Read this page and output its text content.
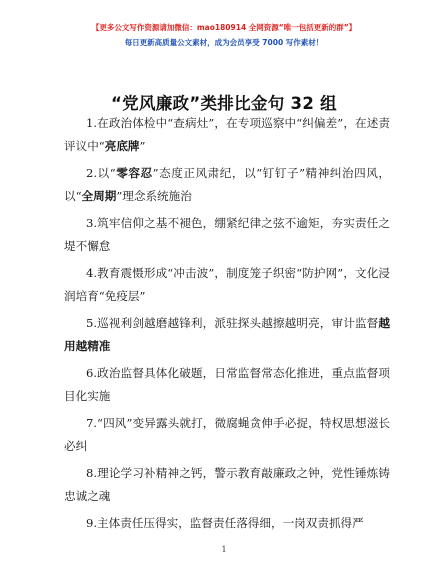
【更多公文写作资源请加微信：mao180914 全网资源“唯一包括更新的群”】
每日更新高质量公文素材，成为会员享受 7000 写作素材！
“党风廉政”类排比金句 32 组
1.在政治体检中“查病灶”，在专项巡察中“纠偏差”，在述责评议中“亮底牌”
2.以“零容忍”态度正风肃纪，以“钉钉子”精神纠治四风，以“全周期”理念系统施治
3.筑牢信仰之基不褪色，绷紧纪律之弦不逾矩，夯实责任之堤不懈怠
4.教育震慑形成“冲击波”，制度笼子织密“防护网”，文化浸润培育“免疫层”
5.巡视利剑越磨越锋利，派驻探头越擦越明亮，审计监督越用越精准
6.政治监督具体化破题，日常监督常态化推进，重点监督项目化实施
7.“四风”变异露头就打，微腐蝇贪伸手必捉，特权思想滋长必纠
8.理论学习补精神之钙，警示教育敲廉政之钟，党性锤炼铸忠诚之魂
9.主体责任压得实，监督责任落得细，一岗双责抓得严
1
